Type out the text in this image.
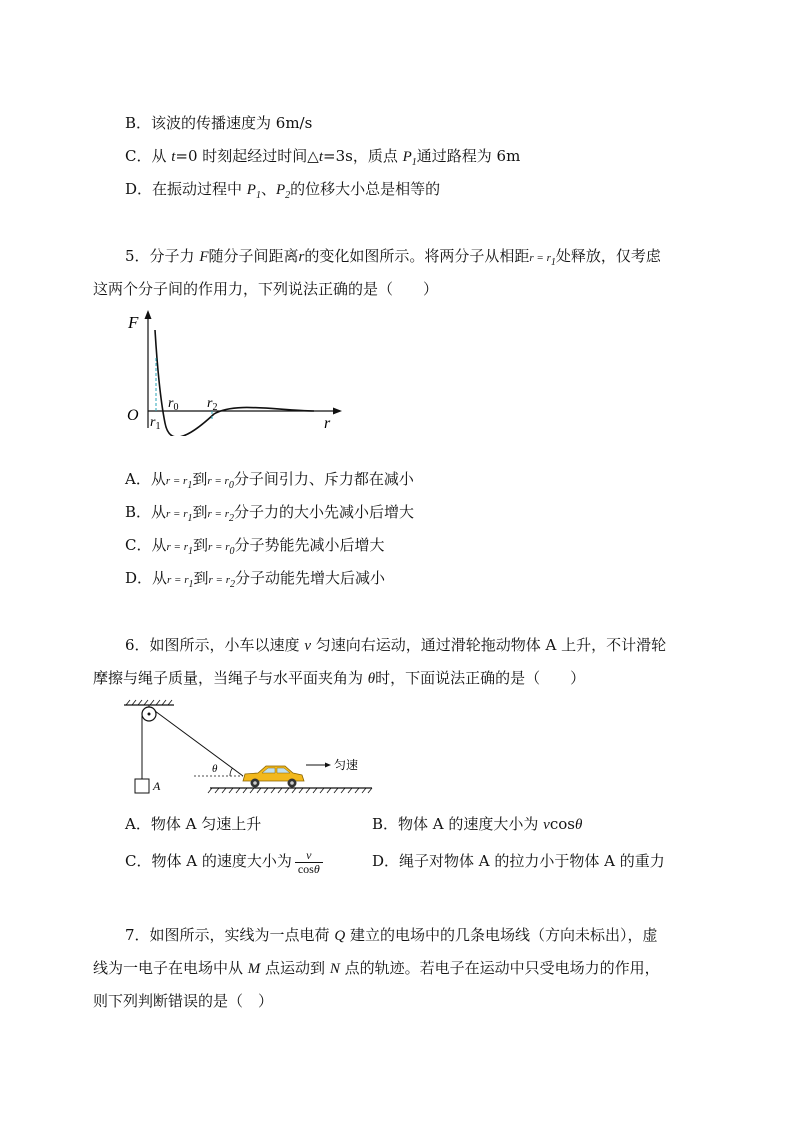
B．该波的传播速度为 6m/s
C．从 t=0 时刻起经过时间△t=3s，质点 $P_1$通过路程为 6m
D．在振动过程中 $P_1$、$P_2$的位移大小总是相等的
5．分子力 F随分子间距离r的变化如图所示。将两分子从相距$r = r_1$处释放，仅考虑
这两个分子间的作用力，下列说法正确的是（　　）
F
O	r
$r_0$
$r_1$
$r_2$
A．从$r = r_1$到$r = r_0$分子间引力、斥力都在减小
B．从$r = r_1$到$r = r_2$分子力的大小先减小后增大
C．从$r = r_1$到$r = r_0$分子势能先减小后增大
D．从$r = r_1$到$r = r_2$分子动能先增大后减小
6．如图所示，小车以速度 v 匀速向右运动，通过滑轮拖动物体 A 上升，不计滑轮
摩擦与绳子质量，当绳子与水平面夹角为 θ时，下面说法正确的是（　　）
A
θ	匀速
A．物体 A 匀速上升	B．物体 A 的速度大小为 vcosθ
C．物体 A 的速度大小为 $\frac{v}{\cos\theta}$	D．绳子对物体 A 的拉力小于物体 A 的重力
7．如图所示，实线为一点电荷 Q 建立的电场中的几条电场线（方向未标出），虚
线为一电子在电场中从 M 点运动到 N 点的轨迹。若电子在运动中只受电场力的作用，
则下列判断错误的是（　）
